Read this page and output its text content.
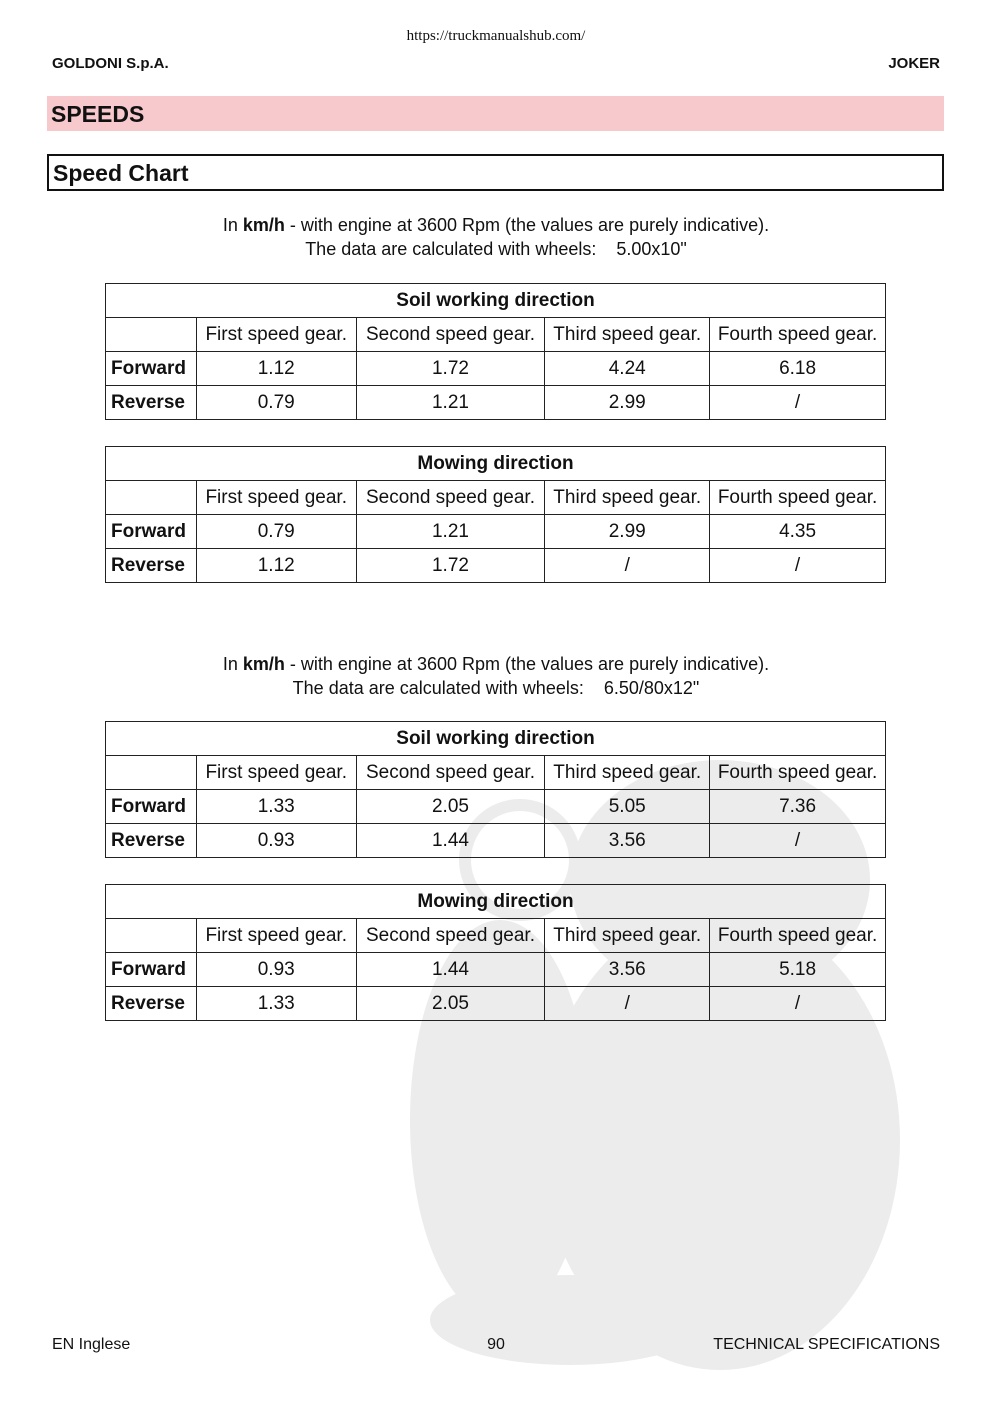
https://truckmanualshub.com/
GOLDONI S.p.A.	JOKER
SPEEDS
Speed Chart
In km/h - with engine at 3600 Rpm (the values are purely indicative).
The data are calculated with wheels:    5.00x10"
Soil working direction				
	First speed gear.	Second speed gear.	Third speed gear.	Fourth speed gear.
Forward	1.12	1.72	4.24	6.18
Reverse	0.79	1.21	2.99	/
Mowing direction				
	First speed gear.	Second speed gear.	Third speed gear.	Fourth speed gear.
Forward	0.79	1.21	2.99	4.35
Reverse	1.12	1.72	/	/
In km/h - with engine at 3600 Rpm (the values are purely indicative).
The data are calculated with wheels:    6.50/80x12"
Soil working direction				
	First speed gear.	Second speed gear.	Third speed gear.	Fourth speed gear.
Forward	1.33	2.05	5.05	7.36
Reverse	0.93	1.44	3.56	/
Mowing direction				
	First speed gear.	Second speed gear.	Third speed gear.	Fourth speed gear.
Forward	0.93	1.44	3.56	5.18
Reverse	1.33	2.05	/	/
EN Inglese	90	TECHNICAL SPECIFICATIONS
